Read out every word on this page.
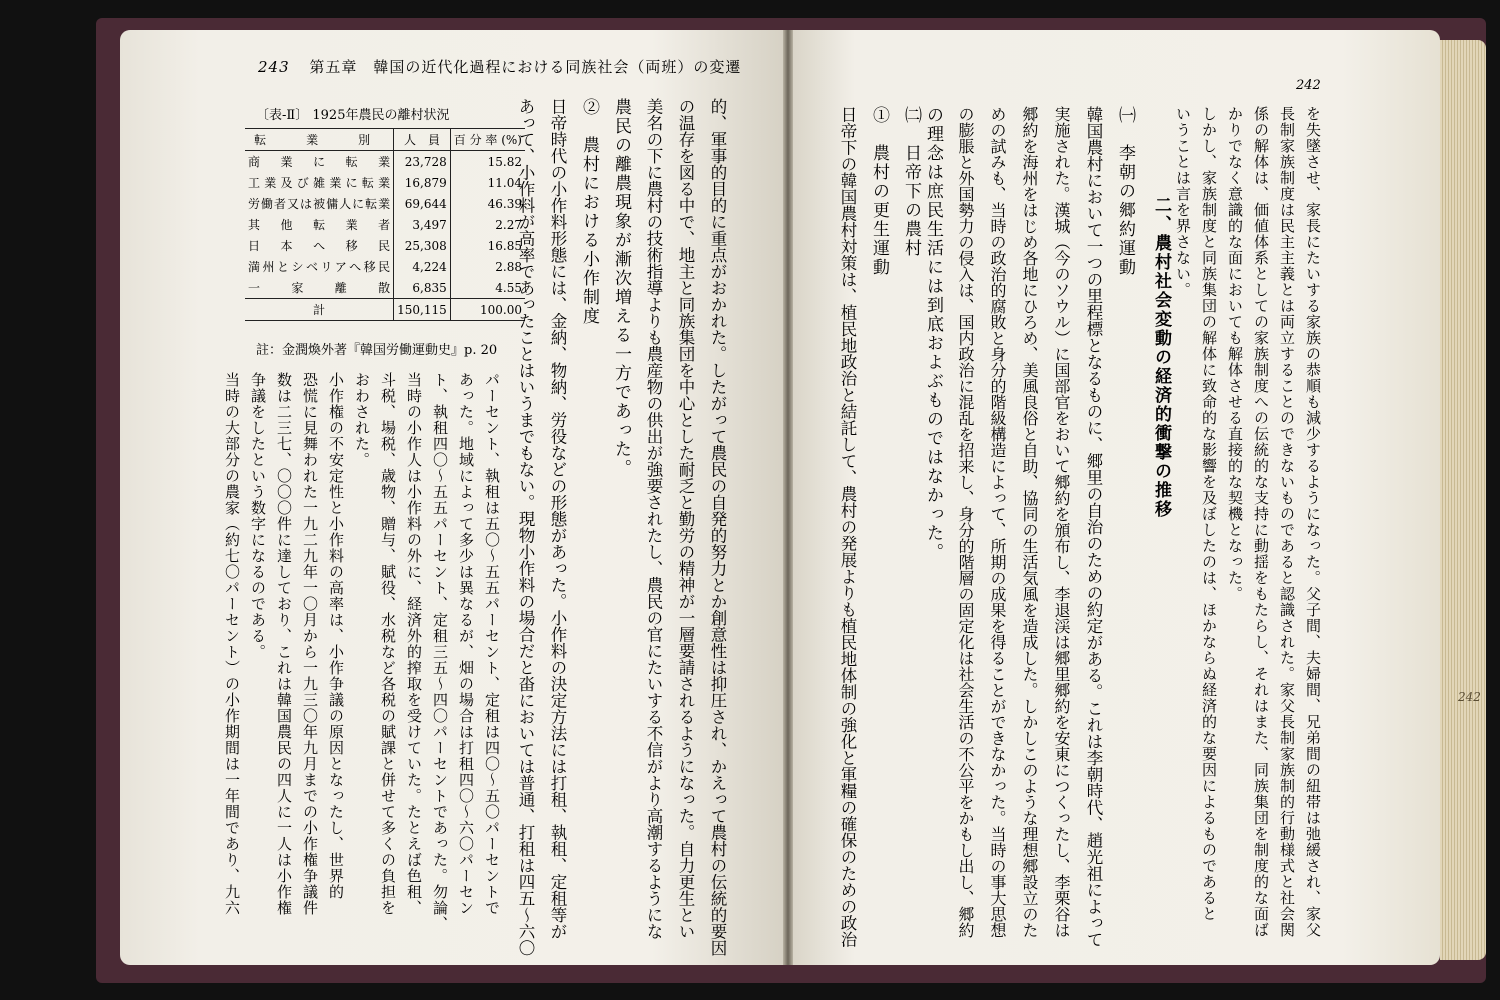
243 第五章　韓国の近代化過程における同族社会（両班）の変遷
〔表-Ⅱ〕 1925年農民の離村状況
転　業　別	人　員	百 分 率 (%)
商業に転業	23,728	15.82
工業及び雑業に転業	16,879	11.04
労働者又は被傭人に転業	69,644	46.39
其他転業者	3,497	2.27
日本へ移民	25,308	16.85
満州とシベリアへ移民	4,224	2.88
一家離散	6,835	4.55
計	150,115	100.00
註：金潤煥外著『韓国労働運動史』p. 20	的、軍事的目的に重点がおかれた。したがって農民の自発的努力とか創意性は抑圧され、かえって農村の伝統的要因
の温存を図る中で、地主と同族集団を中心とした耐乏と勤労の精神が一層要請されるようになった。自力更生とい
美名の下に農村の技術指導よりも農産物の供出が強要されたし、農民の官にたいする不信がより高潮するようにな
農民の離農現象が漸次増える一方であった。
②　農村における小作制度
日帝時代の小作料形態には、金納、物納、労役などの形態があった。小作料の決定方法には打租、執租、定租等が
あって、小作料が高率であったことはいうまでもない。現物小作料の場合だと畓においては普通、打租は四五～六〇
パーセント、執租は五〇～五五パーセント、定租は四〇～五〇パーセントで
あった。地域によって多少は異なるが、畑の場合は打租四〇～六〇パーセン
ト、執租四〇～五五パーセント、定租三五～四〇パーセントであった。勿論、
当時の小作人は小作料の外に、経済外的搾取を受けていた。たとえば色租、
斗税、場税、歳物、贈与、賦役、水税など各税の賦課と併せて多くの負担を
おわされた。
小作権の不安定性と小作料の高率は、小作争議の原因となったし、世界的
恐慌に見舞われた一九二九年一〇月から一九三〇年九月までの小作権争議件
数は二三七、〇〇〇件に達しており、これは韓国農民の四人に一人は小作権
争議をしたという数字になるのである。
当時の大部分の農家（約七〇パーセント）の小作期間は一年間であり、九六
242
242
を失墜させ、家長にたいする家族の恭順も減少するようになった。父子間、夫婦間、兄弟間の紐帯は弛緩され、家父
長制家族制度は民主主義とは両立することのできないものであると認識された。家父長制家族制的行動様式と社会関
係の解体は、価値体系としての家族制度への伝統的な支持に動揺をもたらし、それはまた、同族集団を制度的な面ば
かりでなく意識的な面においても解体させる直接的な契機となった。
しかし、家族制度と同族集団の解体に致命的な影響を及ぼしたのは、ほかならぬ経済的な要因によるものであると
いうことは言を界さない。
二、農村社会変動の経済的衝撃の推移
㈠　李朝の郷約運動
韓国農村において一つの里程標となるものに、郷里の自治のための約定がある。これは李朝時代、趙光祖によって
実施された。漢城（今のソウル）に国部官をおいて郷約を頒布し、李退渓は郷里郷約を安東につくったし、李栗谷は
郷約を海州をはじめ各地にひろめ、美風良俗と自助、協同の生活気風を造成した。しかしこのような理想郷設立のた
めの試みも、当時の政治的腐敗と身分的階級構造によって、所期の成果を得ることができなかった。当時の事大思想
の膨脹と外国勢力の侵入は、国内政治に混乱を招来し、身分的階層の固定化は社会生活の不公平をかもし出し、郷約
の理念は庶民生活には到底およぶものではなかった。
㈡　日帝下の農村
①　農村の更生運動
日帝下の韓国農村対策は、植民地政治と結託して、農村の発展よりも植民地体制の強化と軍糧の確保のための政治
